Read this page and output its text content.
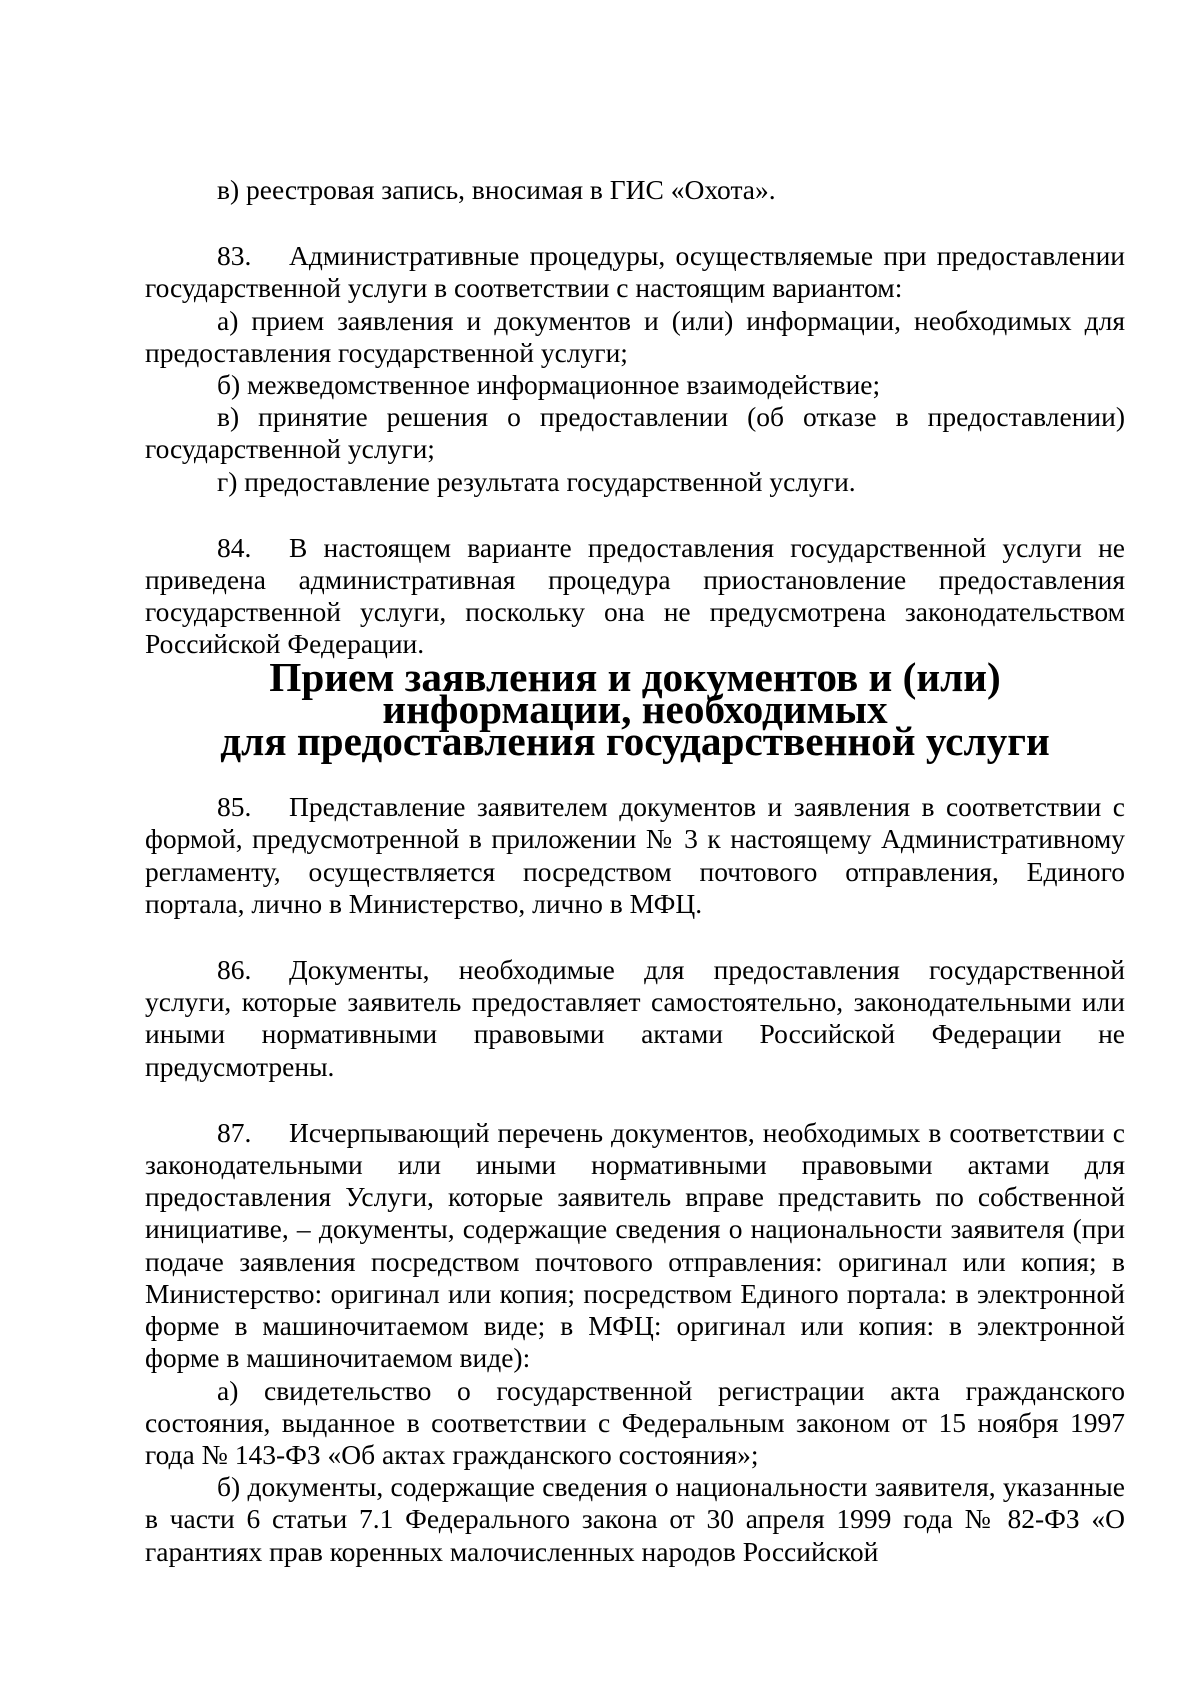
в) реестровая запись, вносимая в ГИС «Охота».

83. Административные процедуры, осуществляемые при предоставлении государственной услуги в соответствии с настоящим вариантом:

а) прием заявления и документов и (или) информации, необходимых для предоставления государственной услуги;

б) межведомственное информационное взаимодействие;

в) принятие решения о предоставлении (об отказе в предоставлении) государственной услуги;

г) предоставление результата государственной услуги.

84. В настоящем варианте предоставления государственной услуги не приведена административная процедура приостановление предоставления государственной услуги, поскольку она не предусмотрена законодательством Российской Федерации.

Прием заявления и документов и (или) информации, необходимых
для предоставления государственной услуги

85. Представление заявителем документов и заявления в соответствии с формой, предусмотренной в приложении № 3 к настоящему Административному регламенту, осуществляется посредством почтового отправления, Единого портала, лично в Министерство, лично в МФЦ.

86. Документы, необходимые для предоставления государственной услуги, которые заявитель предоставляет самостоятельно, законодательными или иными нормативными правовыми актами Российской Федерации не предусмотрены.

87. Исчерпывающий перечень документов, необходимых в соответствии с законодательными или иными нормативными правовыми актами для предоставления Услуги, которые заявитель вправе представить по собственной инициативе, – документы, содержащие сведения о национальности заявителя (при подаче заявления посредством почтового отправления: оригинал или копия; в Министерство: оригинал или копия; посредством Единого портала: в электронной форме в машиночитаемом виде; в МФЦ: оригинал или копия: в электронной форме в машиночитаемом виде):

а) свидетельство о государственной регистрации акта гражданского состояния, выданное в соответствии с Федеральным законом от 15 ноября 1997 года № 143-ФЗ «Об актах гражданского состояния»;

б) документы, содержащие сведения о национальности заявителя, указанные в части 6 статьи 7.1 Федерального закона от 30 апреля 1999 года № 82-ФЗ «О гарантиях прав коренных малочисленных народов Российской
